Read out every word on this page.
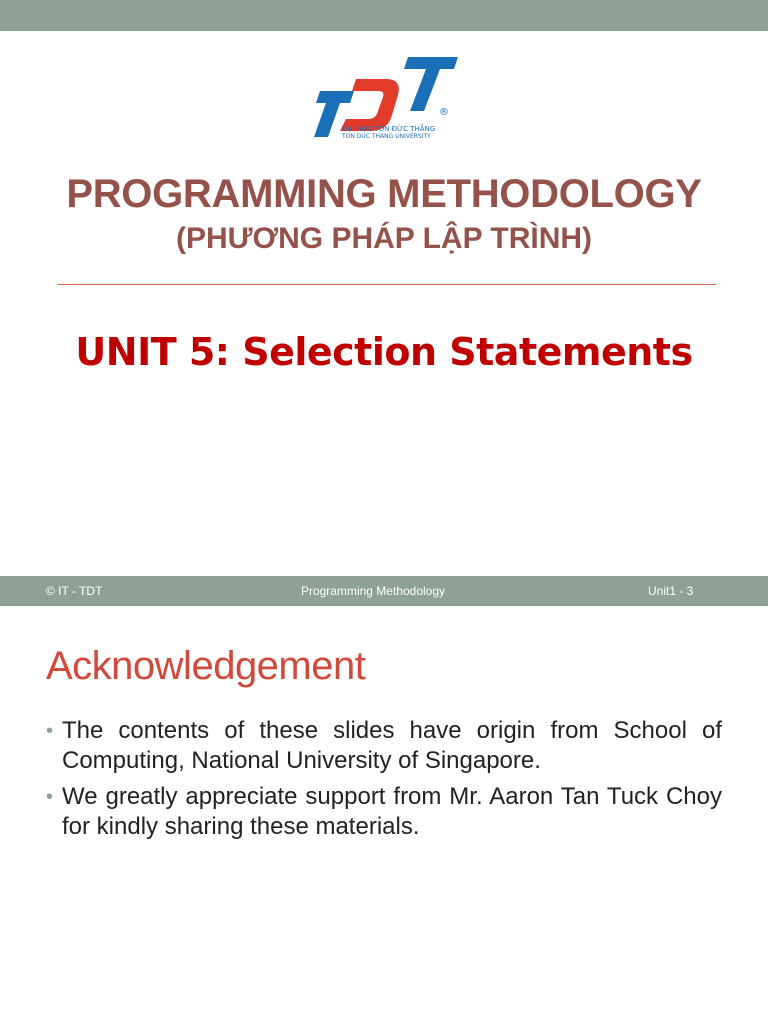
®
ĐẠI HỌC TÔN ĐỨC THẮNG
TON DUC THANG UNIVERSITY
PROGRAMMING METHODOLOGY
(PHƯƠNG PHÁP LẬP TRÌNH)
UNIT 5: Selection Statements
© IT - TDT	Programming Methodology	Unit1 - 3
Acknowledgement
• The contents of these slides have origin from School of Computing, National University of Singapore.
• We greatly appreciate support from Mr. Aaron Tan Tuck Choy for kindly sharing these materials.
